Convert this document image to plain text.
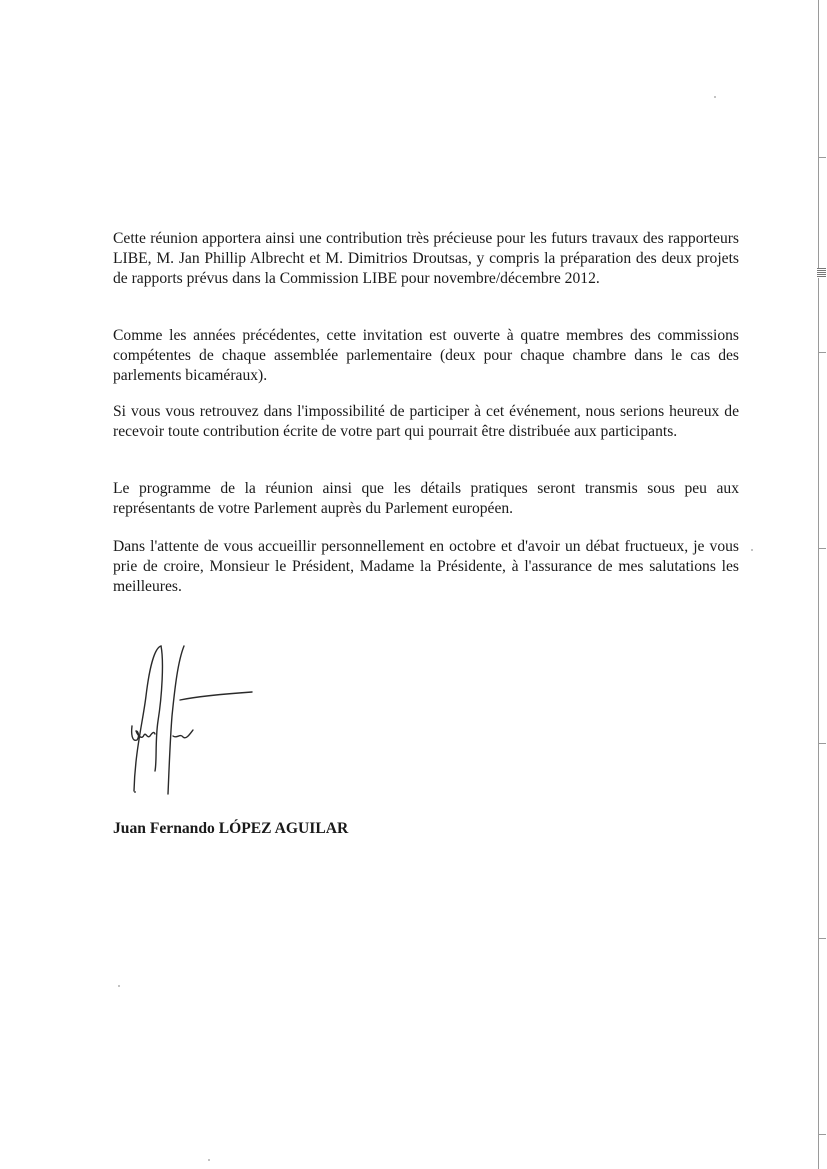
Cette réunion apportera ainsi une contribution très précieuse pour les futurs travaux des rapporteurs LIBE, M. Jan Phillip Albrecht et M. Dimitrios Droutsas, y compris la préparation des deux projets de rapports prévus dans la Commission LIBE pour novembre/décembre 2012.

Comme les années précédentes, cette invitation est ouverte à quatre membres des commissions compétentes de chaque assemblée parlementaire (deux pour chaque chambre dans le cas des parlements bicaméraux).

Si vous vous retrouvez dans l'impossibilité de participer à cet événement, nous serions heureux de recevoir toute contribution écrite de votre part qui pourrait être distribuée aux participants.

Le programme de la réunion ainsi que les détails pratiques seront transmis sous peu aux représentants de votre Parlement auprès du Parlement européen.

Dans l'attente de vous accueillir personnellement en octobre et d'avoir un débat fructueux, je vous prie de croire, Monsieur le Président, Madame la Présidente, à l'assurance de mes salutations les meilleures.

Juan Fernando LÓPEZ AGUILAR
